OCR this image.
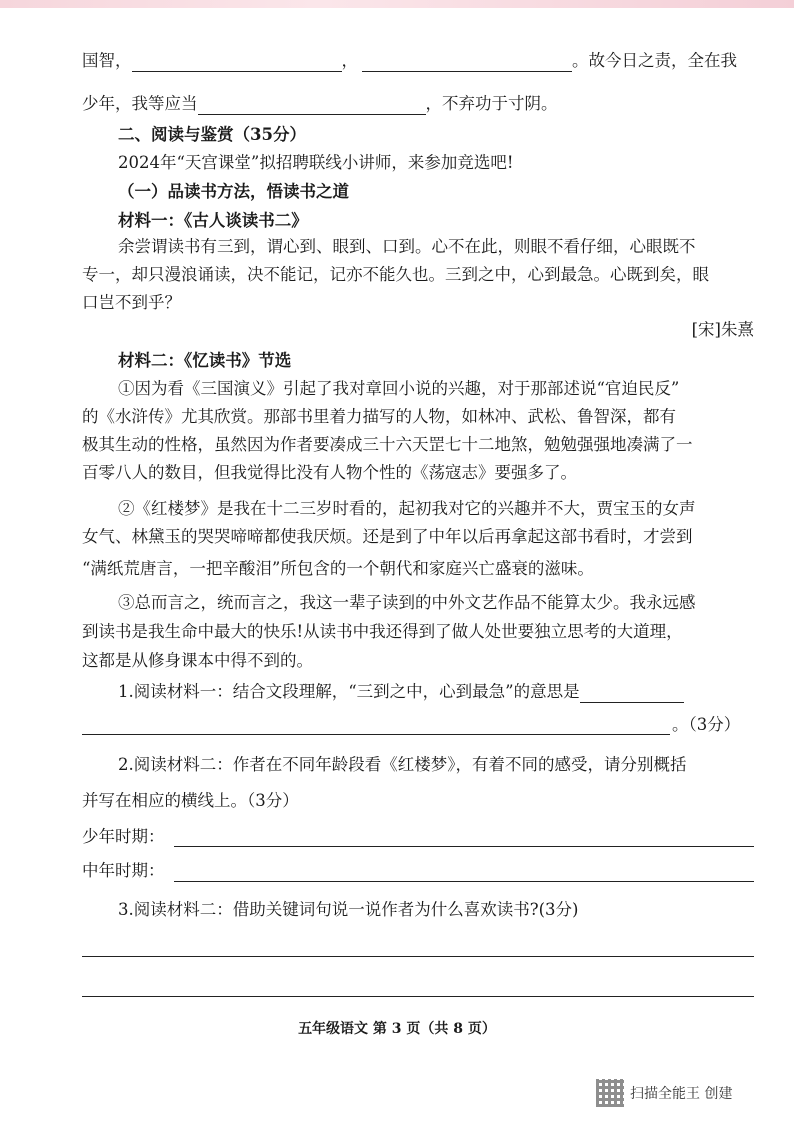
国智，	，	。故今日之责，全在我
少年，我等应当	，不弃功于寸阴。
二、阅读与鉴赏（35分）
2024年“天宫课堂”拟招聘联线小讲师，来参加竞选吧!
（一）品读书方法，悟读书之道
材料一：《古人谈读书二》
余尝谓读书有三到，谓心到、眼到、口到。心不在此，则眼不看仔细，心眼既不
专一，却只漫浪诵读，决不能记，记亦不能久也。三到之中，心到最急。心既到矣，眼
口岂不到乎？
[宋]朱熹
材料二：《忆读书》节选
①因为看《三国演义》引起了我对章回小说的兴趣，对于那部述说“官迫民反”
的《水浒传》尤其欣赏。那部书里着力描写的人物，如林冲、武松、鲁智深，都有
极其生动的性格，虽然因为作者要凑成三十六天罡七十二地煞，勉勉强强地凑满了一
百零八人的数目，但我觉得比没有人物个性的《荡寇志》要强多了。
②《红楼梦》是我在十二三岁时看的，起初我对它的兴趣并不大，贾宝玉的女声
女气、林黛玉的哭哭啼啼都使我厌烦。还是到了中年以后再拿起这部书看时，才尝到
“满纸荒唐言，一把辛酸泪”所包含的一个朝代和家庭兴亡盛衰的滋味。
③总而言之，统而言之，我这一辈子读到的中外文艺作品不能算太少。我永远感
到读书是我生命中最大的快乐!从读书中我还得到了做人处世要独立思考的大道理，
这都是从修身课本中得不到的。
1.阅读材料一：结合文段理解，“三到之中，心到最急”的意思是
。（3分）
2.阅读材料二：作者在不同年龄段看《红楼梦》，有着不同的感受，请分别概括
并写在相应的横线上。（3分）
少年时期：
中年时期：
3.阅读材料二：借助关键词句说一说作者为什么喜欢读书?(3分)
五年级语文 第 3 页（共 8 页）
扫描全能王 创建
